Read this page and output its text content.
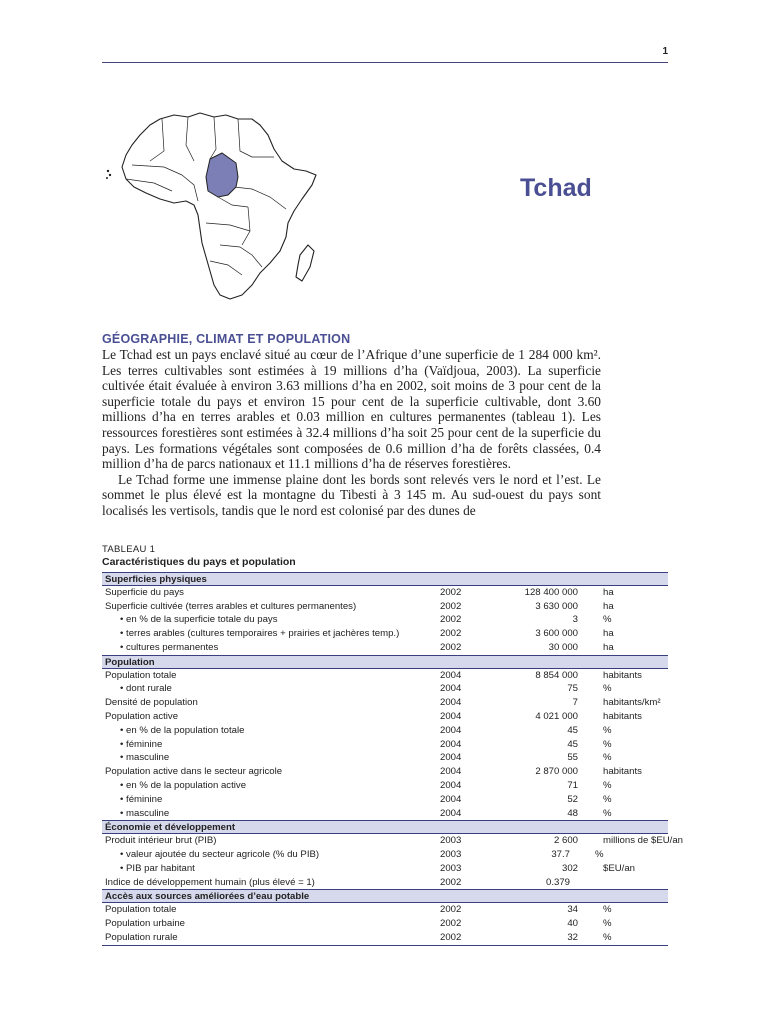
1
Tchad
GÉOGRAPHIE, CLIMAT ET POPULATION

Le Tchad est un pays enclavé situé au cœur de l’Afrique d’une superficie de 1 284 000 km². Les terres cultivables sont estimées à 19 millions d’ha (Vaïdjoua, 2003). La superficie cultivée était évaluée à environ 3.63 millions d’ha en 2002, soit moins de 3 pour cent de la superficie totale du pays et environ 15 pour cent de la superficie cultivable, dont 3.60 millions d’ha en terres arables et 0.03 million en cultures permanentes (tableau 1). Les ressources forestières sont estimées à 32.4 millions d’ha soit 25 pour cent de la superficie du pays. Les formations végétales sont composées de 0.6 million d’ha de forêts classées, 0.4 million d’ha de parcs nationaux et 11.1 millions d’ha de réserves forestières.

Le Tchad forme une immense plaine dont les bords sont relevés vers le nord et l’est. Le sommet le plus élevé est la montagne du Tibesti à 3 145 m. Au sud-ouest du pays sont localisés les vertisols, tandis que le nord est colonisé par des dunes de

TABLEAU 1
Caractéristiques du pays et population
Superficies physiques
Superficie du pays	2002	128 400 000	ha
Superficie cultivée (terres arables et cultures permanentes)	2002	3 630 000	ha
• en % de la superficie totale du pays	2002	3	%
• terres arables (cultures temporaires + prairies et jachères temp.)	2002	3 600 000	ha
• cultures permanentes	2002	30 000	ha
Population
Population totale	2004	8 854 000	habitants
• dont rurale	2004	75	%
Densité de population	2004	7	habitants/km²
Population active	2004	4 021 000	habitants
• en % de la population totale	2004	45	%
• féminine	2004	45	%
• masculine	2004	55	%
Population active dans le secteur agricole	2004	2 870 000	habitants
• en % de la population active	2004	71	%
• féminine	2004	52	%
• masculine	2004	48	%
Économie et développement
Produit intérieur brut (PIB)	2003	2 600	millions de $EU/an
• valeur ajoutée du secteur agricole (% du PIB)	2003	37.7	%
• PIB par habitant	2003	302	$EU/an
Indice de développement humain (plus élevé = 1)	2002	0.379
Accès aux sources améliorées d’eau potable
Population totale	2002	34	%
Population urbaine	2002	40	%
Population rurale	2002	32	%
